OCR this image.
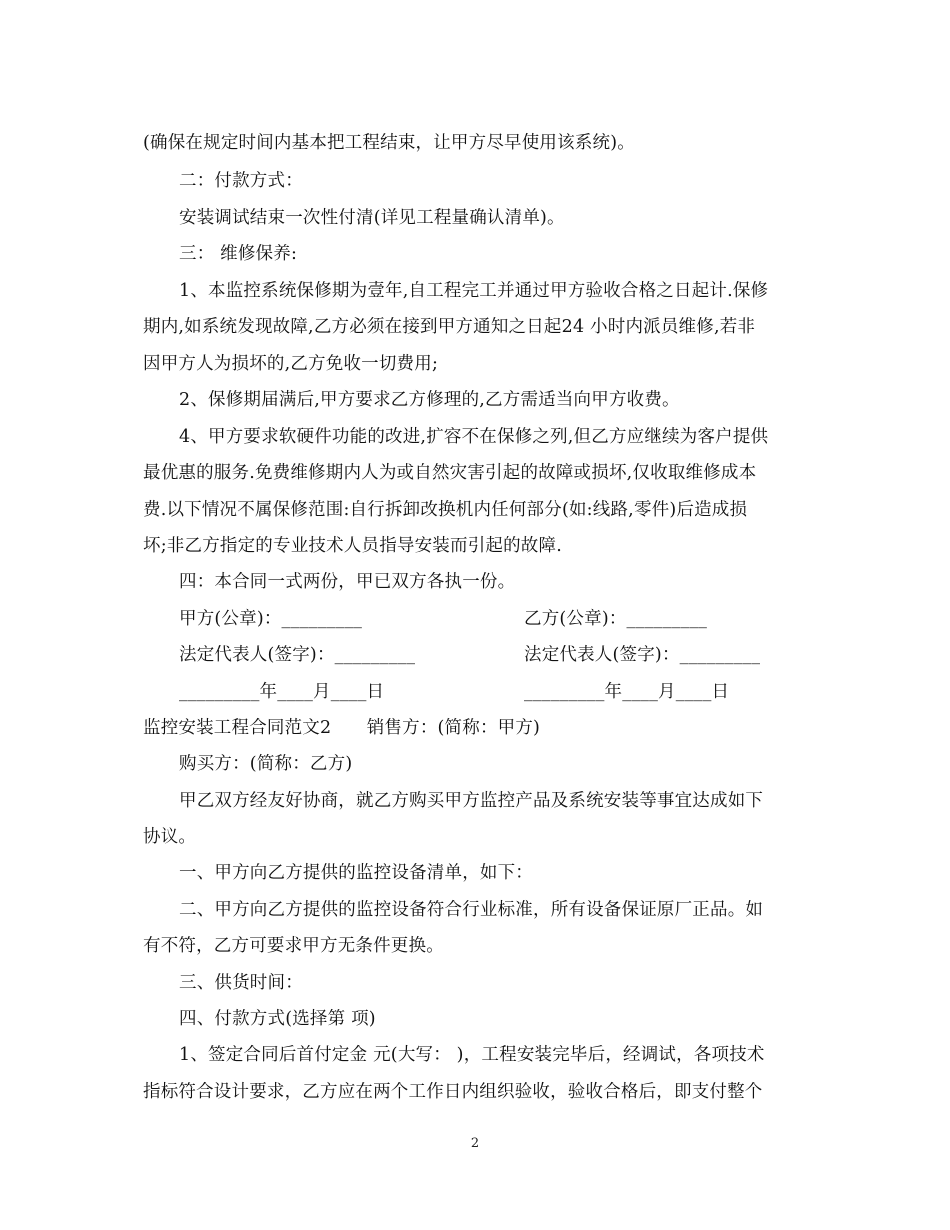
(确保在规定时间内基本把工程结束，让甲方尽早使用该系统)。
二：付款方式：
安装调试结束一次性付清(详见工程量确认清单)。
三： 维修保养:
1、本监控系统保修期为壹年,自工程完工并通过甲方验收合格之日起计.保修
期内,如系统发现故障,乙方必须在接到甲方通知之日起24 小时内派员维修,若非
因甲方人为损坏的,乙方免收一切费用;
2、保修期届满后,甲方要求乙方修理的,乙方需适当向甲方收费。
4、甲方要求软硬件功能的改进,扩容不在保修之列,但乙方应继续为客户提供
最优惠的服务.免费维修期内人为或自然灾害引起的故障或损坏,仅收取维修成本
费.以下情况不属保修范围:自行拆卸改换机内任何部分(如:线路,零件)后造成损
坏;非乙方指定的专业技术人员指导安装而引起的故障.
四：本合同一式两份，甲已双方各执一份。
甲方(公章)：_________	乙方(公章)：_________
法定代表人(签字)：_________	法定代表人(签字)：_________
_________年____月____日	_________年____月____日
监控安装工程合同范文2　　销售方：(简称：甲方)
购买方：(简称：乙方)
甲乙双方经友好协商，就乙方购买甲方监控产品及系统安装等事宜达成如下
协议。
一、甲方向乙方提供的监控设备清单，如下：
二、甲方向乙方提供的监控设备符合行业标准，所有设备保证原厂正品。如
有不符，乙方可要求甲方无条件更换。
三、供货时间：
四、付款方式(选择第 项)
1、签定合同后首付定金 元(大写： )，工程安装完毕后，经调试，各项技术
指标符合设计要求，乙方应在两个工作日内组织验收，验收合格后，即支付整个
2
